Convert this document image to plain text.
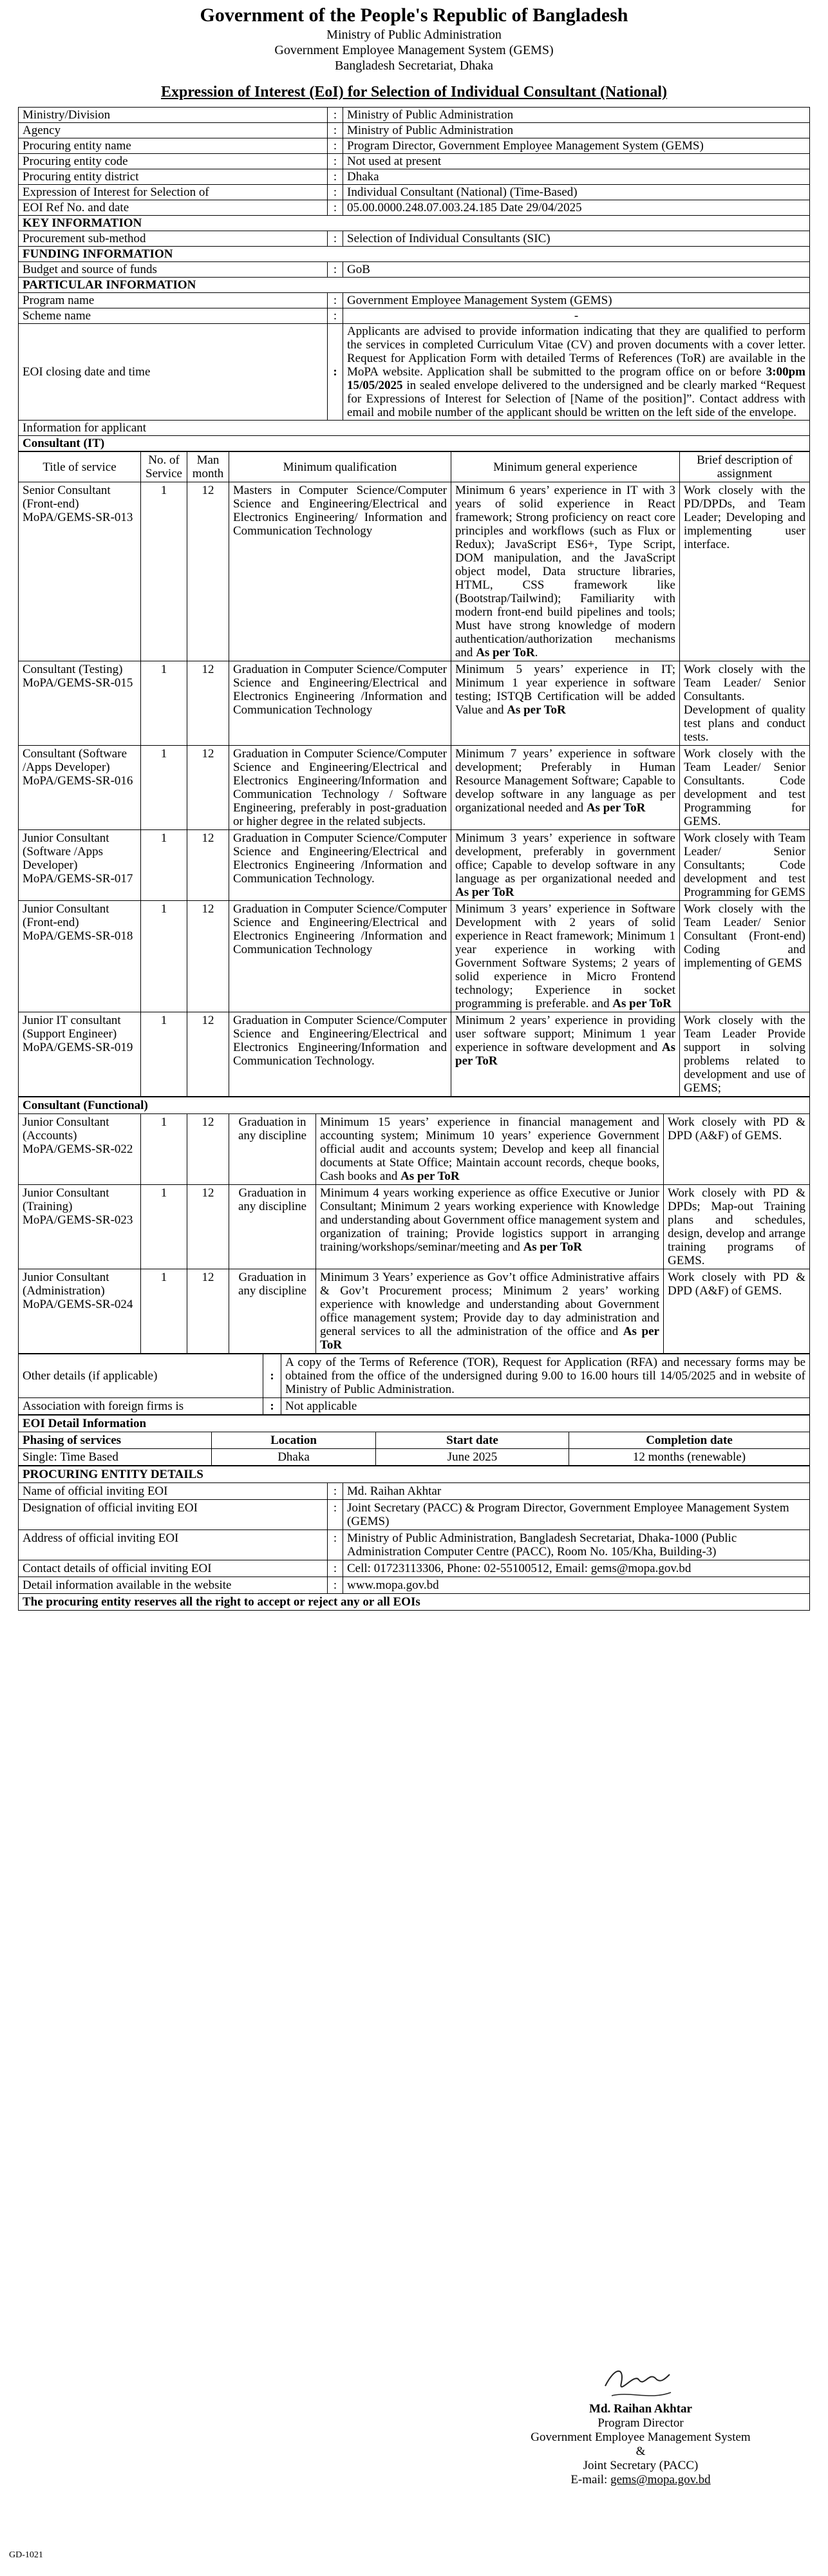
Government of the People's Republic of Bangladesh
Ministry of Public Administration
Government Employee Management System (GEMS)
Bangladesh Secretariat, Dhaka
Expression of Interest (EoI) for Selection of Individual Consultant (National)
Ministry/Division	:	Ministry of Public Administration
Agency	:	Ministry of Public Administration
Procuring entity name	:	Program Director, Government Employee Management System (GEMS)
Procuring entity code	:	Not used at present
Procuring entity district	:	Dhaka
Expression of Interest for Selection of	:	Individual Consultant (National) (Time-Based)
EOI Ref No. and date	:	05.00.0000.248.07.003.24.185 Date 29/04/2025
KEY INFORMATION		
Procurement sub-method	:	Selection of Individual Consultants (SIC)
FUNDING INFORMATION		
Budget and source of funds	:	GoB
PARTICULAR INFORMATION		
Program name	:	Government Employee Management System (GEMS)
Scheme name	:	-
EOI closing date and time	:	Applicants are advised to provide information indicating that they are qualified to perform the services in completed Curriculum Vitae (CV) and proven documents with a cover letter. Request for Application Form with detailed Terms of References (ToR) are available in the MoPA website. Application shall be submitted to the program office on or before 3:00pm 15/05/2025 in sealed envelope delivered to the undersigned and be clearly marked “Request for Expressions of Interest for Selection of [Name of the position]”. Contact address with email and mobile number of the applicant should be written on the left side of the envelope.
Information for applicant		
Consultant (IT)		
Title of service	No. of Service	Man month	Minimum qualification	Minimum general experience	Brief description of assignment
Senior Consultant (Front-end) MoPA/GEMS-SR-013	1	12	Masters in Computer Science/Computer Science and Engineering/Electrical and Electronics Engineering/ Information and Communication Technology	Minimum 6 years’ experience in IT with 3 years of solid experience in React framework; Strong proficiency on react core principles and workflows (such as Flux or Redux); JavaScript ES6+, Type Script, DOM manipulation, and the JavaScript object model, Data structure libraries, HTML, CSS framework like (Bootstrap/Tailwind); Familiarity with modern front-end build pipelines and tools; Must have strong knowledge of modern authentication/authorization mechanisms and As per ToR.	Work closely with the PD/DPDs, and Team Leader; Developing and implementing user interface.
Consultant (Testing) MoPA/GEMS-SR-015	1	12	Graduation in Computer Science/Computer Science and Engineering/Electrical and Electronics Engineering /Information and Communication Technology	Minimum 5 years’ experience in IT; Minimum 1 year experience in software testing; ISTQB Certification will be added Value and As per ToR	Work closely with the Team Leader/ Senior Consultants. Development of quality test plans and conduct tests.
Consultant (Software /Apps Developer) MoPA/GEMS-SR-016	1	12	Graduation in Computer Science/Computer Science and Engineering/Electrical and Electronics Engineering/Information and Communication Technology / Software Engineering, preferably in post-graduation or higher degree in the related subjects.	Minimum 7 years’ experience in software development; Preferably in Human Resource Management Software; Capable to develop software in any language as per organizational needed and As per ToR	Work closely with the Team Leader/ Senior Consultants. Code development and test Programming for GEMS.
Junior Consultant (Software /Apps Developer) MoPA/GEMS-SR-017	1	12	Graduation in Computer Science/Computer Science and Engineering/Electrical and Electronics Engineering /Information and Communication Technology.	Minimum 3 years’ experience in software development, preferably in government office; Capable to develop software in any language as per organizational needed and As per ToR	Work closely with Team Leader/ Senior Consultants; Code development and test Programming for GEMS
Junior Consultant (Front-end) MoPA/GEMS-SR-018	1	12	Graduation in Computer Science/Computer Science and Engineering/Electrical and Electronics Engineering /Information and Communication Technology	Minimum 3 years’ experience in Software Development with 2 years of solid experience in React framework; Minimum 1 year experience in working with Government Software Systems; 2 years of solid experience in Micro Frontend technology; Experience in socket programming is preferable. and As per ToR	Work closely with the Team Leader/ Senior Consultant (Front-end) Coding and implementing of GEMS
Junior IT consultant (Support Engineer) MoPA/GEMS-SR-019	1	12	Graduation in Computer Science/Computer Science and Engineering/Electrical and Electronics Engineering/Information and Communication Technology.	Minimum 2 years’ experience in providing user software support; Minimum 1 year experience in software development and As per ToR	Work closely with the Team Leader Provide support in solving problems related to development and use of GEMS;
Consultant (Functional)					
Junior Consultant (Accounts) MoPA/GEMS-SR-022	1	12	Graduation in any discipline	Minimum 15 years’ experience in financial management and accounting system; Minimum 10 years’ experience Government official audit and accounts system; Develop and keep all financial documents at State Office; Maintain account records, cheque books, Cash books and As per ToR	Work closely with PD & DPD (A&F) of GEMS.
Junior Consultant (Training) MoPA/GEMS-SR-023	1	12	Graduation in any discipline	Minimum 4 years working experience as office Executive or Junior Consultant; Minimum 2 years working experience with Knowledge and understanding about Government office management system and organization of training; Provide logistics support in arranging training/workshops/seminar/meeting and As per ToR	Work closely with PD & DPDs; Map-out Training plans and schedules, design, develop and arrange training programs of GEMS.
Junior Consultant (Administration) MoPA/GEMS-SR-024	1	12	Graduation in any discipline	Minimum 3 Years’ experience as Gov’t office Administrative affairs & Gov’t Procurement process; Minimum 2 years’ working experience with knowledge and understanding about Government office management system; Provide day to day administration and general services to all the administration of the office and As per ToR	Work closely with PD & DPD (A&F) of GEMS.
Other details (if applicable)	:	A copy of the Terms of Reference (TOR), Request for Application (RFA) and necessary forms may be obtained from the office of the undersigned during 9.00 to 16.00 hours till 14/05/2025 and in website of Ministry of Public Administration.
Association with foreign firms is	:	Not applicable
EOI Detail Information			
Phasing of services	Location	Start date	Completion date
Single: Time Based	Dhaka	June 2025	12 months (renewable)
PROCURING ENTITY DETAILS		
Name of official inviting EOI	:	Md. Raihan Akhtar
Designation of official inviting EOI	:	Joint Secretary (PACC) & Program Director, Government Employee Management System (GEMS)
Address of official inviting EOI	:	Ministry of Public Administration, Bangladesh Secretariat, Dhaka-1000 (Public Administration Computer Centre (PACC), Room No. 105/Kha, Building-3)
Contact details of official inviting EOI	:	Cell: 01723113306, Phone: 02-55100512, Email: gems@mopa.gov.bd
Detail information available in the website	:	www.mopa.gov.bd
The procuring entity reserves all the right to accept or reject any or all EOIs		
Md. Raihan Akhtar
Program Director
Government Employee Management System
&
Joint Secretary (PACC)
E-mail: gems@mopa.gov.bd
GD-1021
